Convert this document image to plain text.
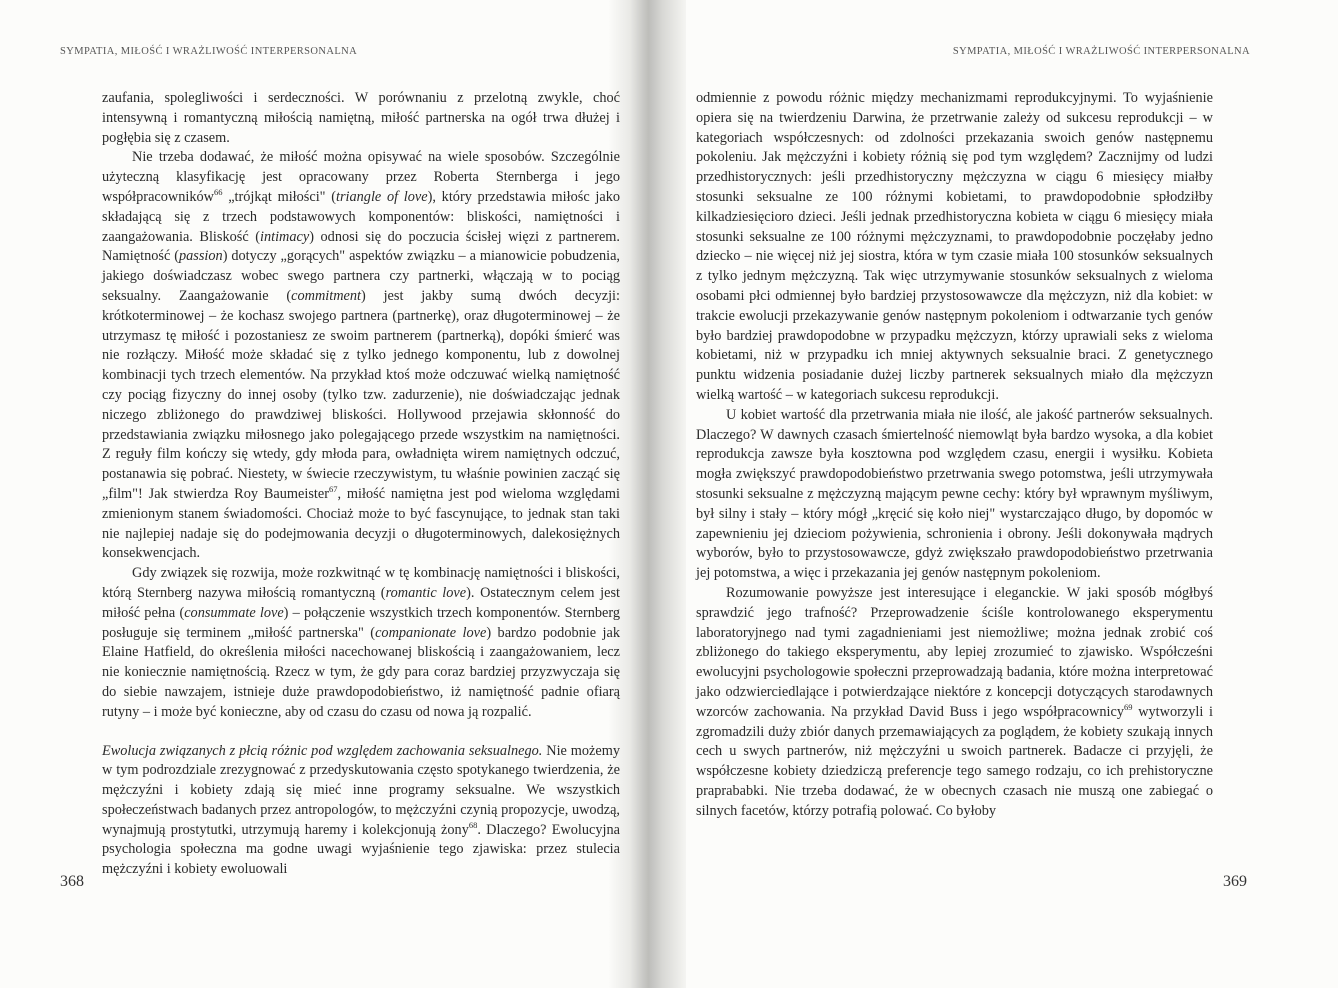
SYMPATIA, MIŁOŚĆ I WRAŻLIWOŚĆ INTERPERSONALNA

zaufania, spolegliwości i serdeczności. W porównaniu z przelotną zwykle, choć intensywną i romantyczną miłością namiętną, miłość partnerska na ogół trwa dłużej i pogłębia się z czasem.

Nie trzeba dodawać, że miłość można opisywać na wiele sposobów. Szczególnie użyteczną klasyfikację jest opracowany przez Roberta Sternberga i jego współpracowników$^{66}$ „trójkąt miłości" (triangle of love), który przedstawia miłośc jako składającą się z trzech podstawowych komponentów: bliskości, namiętności i zaangażowania. Bliskość (intimacy) odnosi się do poczucia ścisłej więzi z partnerem. Namiętność (passion) dotyczy „gorących" aspektów związku – a mianowicie pobudzenia, jakiego doświadczasz wobec swego partnera czy partnerki, włączają w to pociąg seksualny. Zaangażowanie (commitment) jest jakby sumą dwóch decyzji: krótkoterminowej – że kochasz swojego partnera (partnerkę), oraz długoterminowej – że utrzymasz tę miłość i pozostaniesz ze swoim partnerem (partnerką), dopóki śmierć was nie rozłączy. Miłość może składać się z tylko jednego komponentu, lub z dowolnej kombinacji tych trzech elementów. Na przykład ktoś może odczuwać wielką namiętność czy pociąg fizyczny do innej osoby (tylko tzw. zadurzenie), nie doświadczając jednak niczego zbliżonego do prawdziwej bliskości. Hollywood przejawia skłonność do przedstawiania związku miłosnego jako polegającego przede wszystkim na namiętności. Z reguły film kończy się wtedy, gdy młoda para, owładnięta wirem namiętnych odczuć, postanawia się pobrać. Niestety, w świecie rzeczywistym, tu właśnie powinien zacząć się „film"! Jak stwierdza Roy Baumeister$^{67}$, miłość namiętna jest pod wieloma względami zmienionym stanem świadomości. Chociaż może to być fascynujące, to jednak stan taki nie najlepiej nadaje się do podejmowania decyzji o długoterminowych, dalekosiężnych konsekwencjach.

Gdy związek się rozwija, może rozkwitnąć w tę kombinację namiętności i bliskości, którą Sternberg nazywa miłością romantyczną (romantic love). Ostatecznym celem jest miłość pełna (consummate love) – połączenie wszystkich trzech komponentów. Sternberg posługuje się terminem „miłość partnerska" (companionate love) bardzo podobnie jak Elaine Hatfield, do określenia miłości nacechowanej bliskością i zaangażowaniem, lecz nie koniecznie namiętnością. Rzecz w tym, że gdy para coraz bardziej przyzwyczaja się do siebie nawzajem, istnieje duże prawdopodobieństwo, iż namiętność padnie ofiarą rutyny – i może być konieczne, aby od czasu do czasu od nowa ją rozpalić.

Ewolucja związanych z płcią różnic pod względem zachowania seksualnego. Nie możemy w tym podrozdziale zrezygnować z przedyskutowania często spotykanego twierdzenia, że mężczyźni i kobiety zdają się mieć inne programy seksualne. We wszystkich społeczeństwach badanych przez antropologów, to mężczyźni czynią propozycje, uwodzą, wynajmują prostytutki, utrzymują haremy i kolekcjonują żony$^{68}$. Dlaczego? Ewolucyjna psychologia społeczna ma godne uwagi wyjaśnienie tego zjawiska: przez stulecia mężczyźni i kobiety ewoluowali

368
SYMPATIA, MIŁOŚĆ I WRAŻLIWOŚĆ INTERPERSONALNA

odmiennie z powodu różnic między mechanizmami reprodukcyjnymi. To wyjaśnienie opiera się na twierdzeniu Darwina, że przetrwanie zależy od sukcesu reprodukcji – w kategoriach współczesnych: od zdolności przekazania swoich genów następnemu pokoleniu. Jak mężczyźni i kobiety różnią się pod tym względem? Zacznijmy od ludzi przedhistorycznych: jeśli przedhistoryczny mężczyzna w ciągu 6 miesięcy miałby stosunki seksualne ze 100 różnymi kobietami, to prawdopodobnie spłodziłby kilkadziesięcioro dzieci. Jeśli jednak przedhistoryczna kobieta w ciągu 6 miesięcy miała stosunki seksualne ze 100 różnymi mężczyznami, to prawdopodobnie poczęłaby jedno dziecko – nie więcej niż jej siostra, która w tym czasie miała 100 stosunków seksualnych z tylko jednym mężczyzną. Tak więc utrzymywanie stosunków seksualnych z wieloma osobami płci odmiennej było bardziej przystosowawcze dla mężczyzn, niż dla kobiet: w trakcie ewolucji przekazywanie genów następnym pokoleniom i odtwarzanie tych genów było bardziej prawdopodobne w przypadku mężczyzn, którzy uprawiali seks z wieloma kobietami, niż w przypadku ich mniej aktywnych seksualnie braci. Z genetycznego punktu widzenia posiadanie dużej liczby partnerek seksualnych miało dla mężczyzn wielką wartość – w kategoriach sukcesu reprodukcji.

U kobiet wartość dla przetrwania miała nie ilość, ale jakość partnerów seksualnych. Dlaczego? W dawnych czasach śmiertelność niemowląt była bardzo wysoka, a dla kobiet reprodukcja zawsze była kosztowna pod względem czasu, energii i wysiłku. Kobieta mogła zwiększyć prawdopodobieństwo przetrwania swego potomstwa, jeśli utrzymywała stosunki seksualne z mężczyzną mającym pewne cechy: który był wprawnym myśliwym, był silny i stały – który mógł „kręcić się koło niej" wystarczająco długo, by dopomóc w zapewnieniu jej dzieciom pożywienia, schronienia i obrony. Jeśli dokonywała mądrych wyborów, było to przystosowawcze, gdyż zwiększało prawdopodobieństwo przetrwania jej potomstwa, a więc i przekazania jej genów następnym pokoleniom.

Rozumowanie powyższe jest interesujące i eleganckie. W jaki sposób mógłbyś sprawdzić jego trafność? Przeprowadzenie ściśle kontrolowanego eksperymentu laboratoryjnego nad tymi zagadnieniami jest niemożliwe; można jednak zrobić coś zbliżonego do takiego eksperymentu, aby lepiej zrozumieć to zjawisko. Współcześni ewolucyjni psychologowie społeczni przeprowadzają badania, które można interpretować jako odzwierciedlające i potwierdzające niektóre z koncepcji dotyczących starodawnych wzorców zachowania. Na przykład David Buss i jego współpracownicy$^{69}$ wytworzyli i zgromadzili duży zbiór danych przemawiających za poglądem, że kobiety szukają innych cech u swych partnerów, niż mężczyźni u swoich partnerek. Badacze ci przyjęli, że współczesne kobiety dziedziczą preferencje tego samego rodzaju, co ich prehistoryczne praprababki. Nie trzeba dodawać, że w obecnych czasach nie muszą one zabiegać o silnych facetów, którzy potrafią polować. Co byłoby

369
